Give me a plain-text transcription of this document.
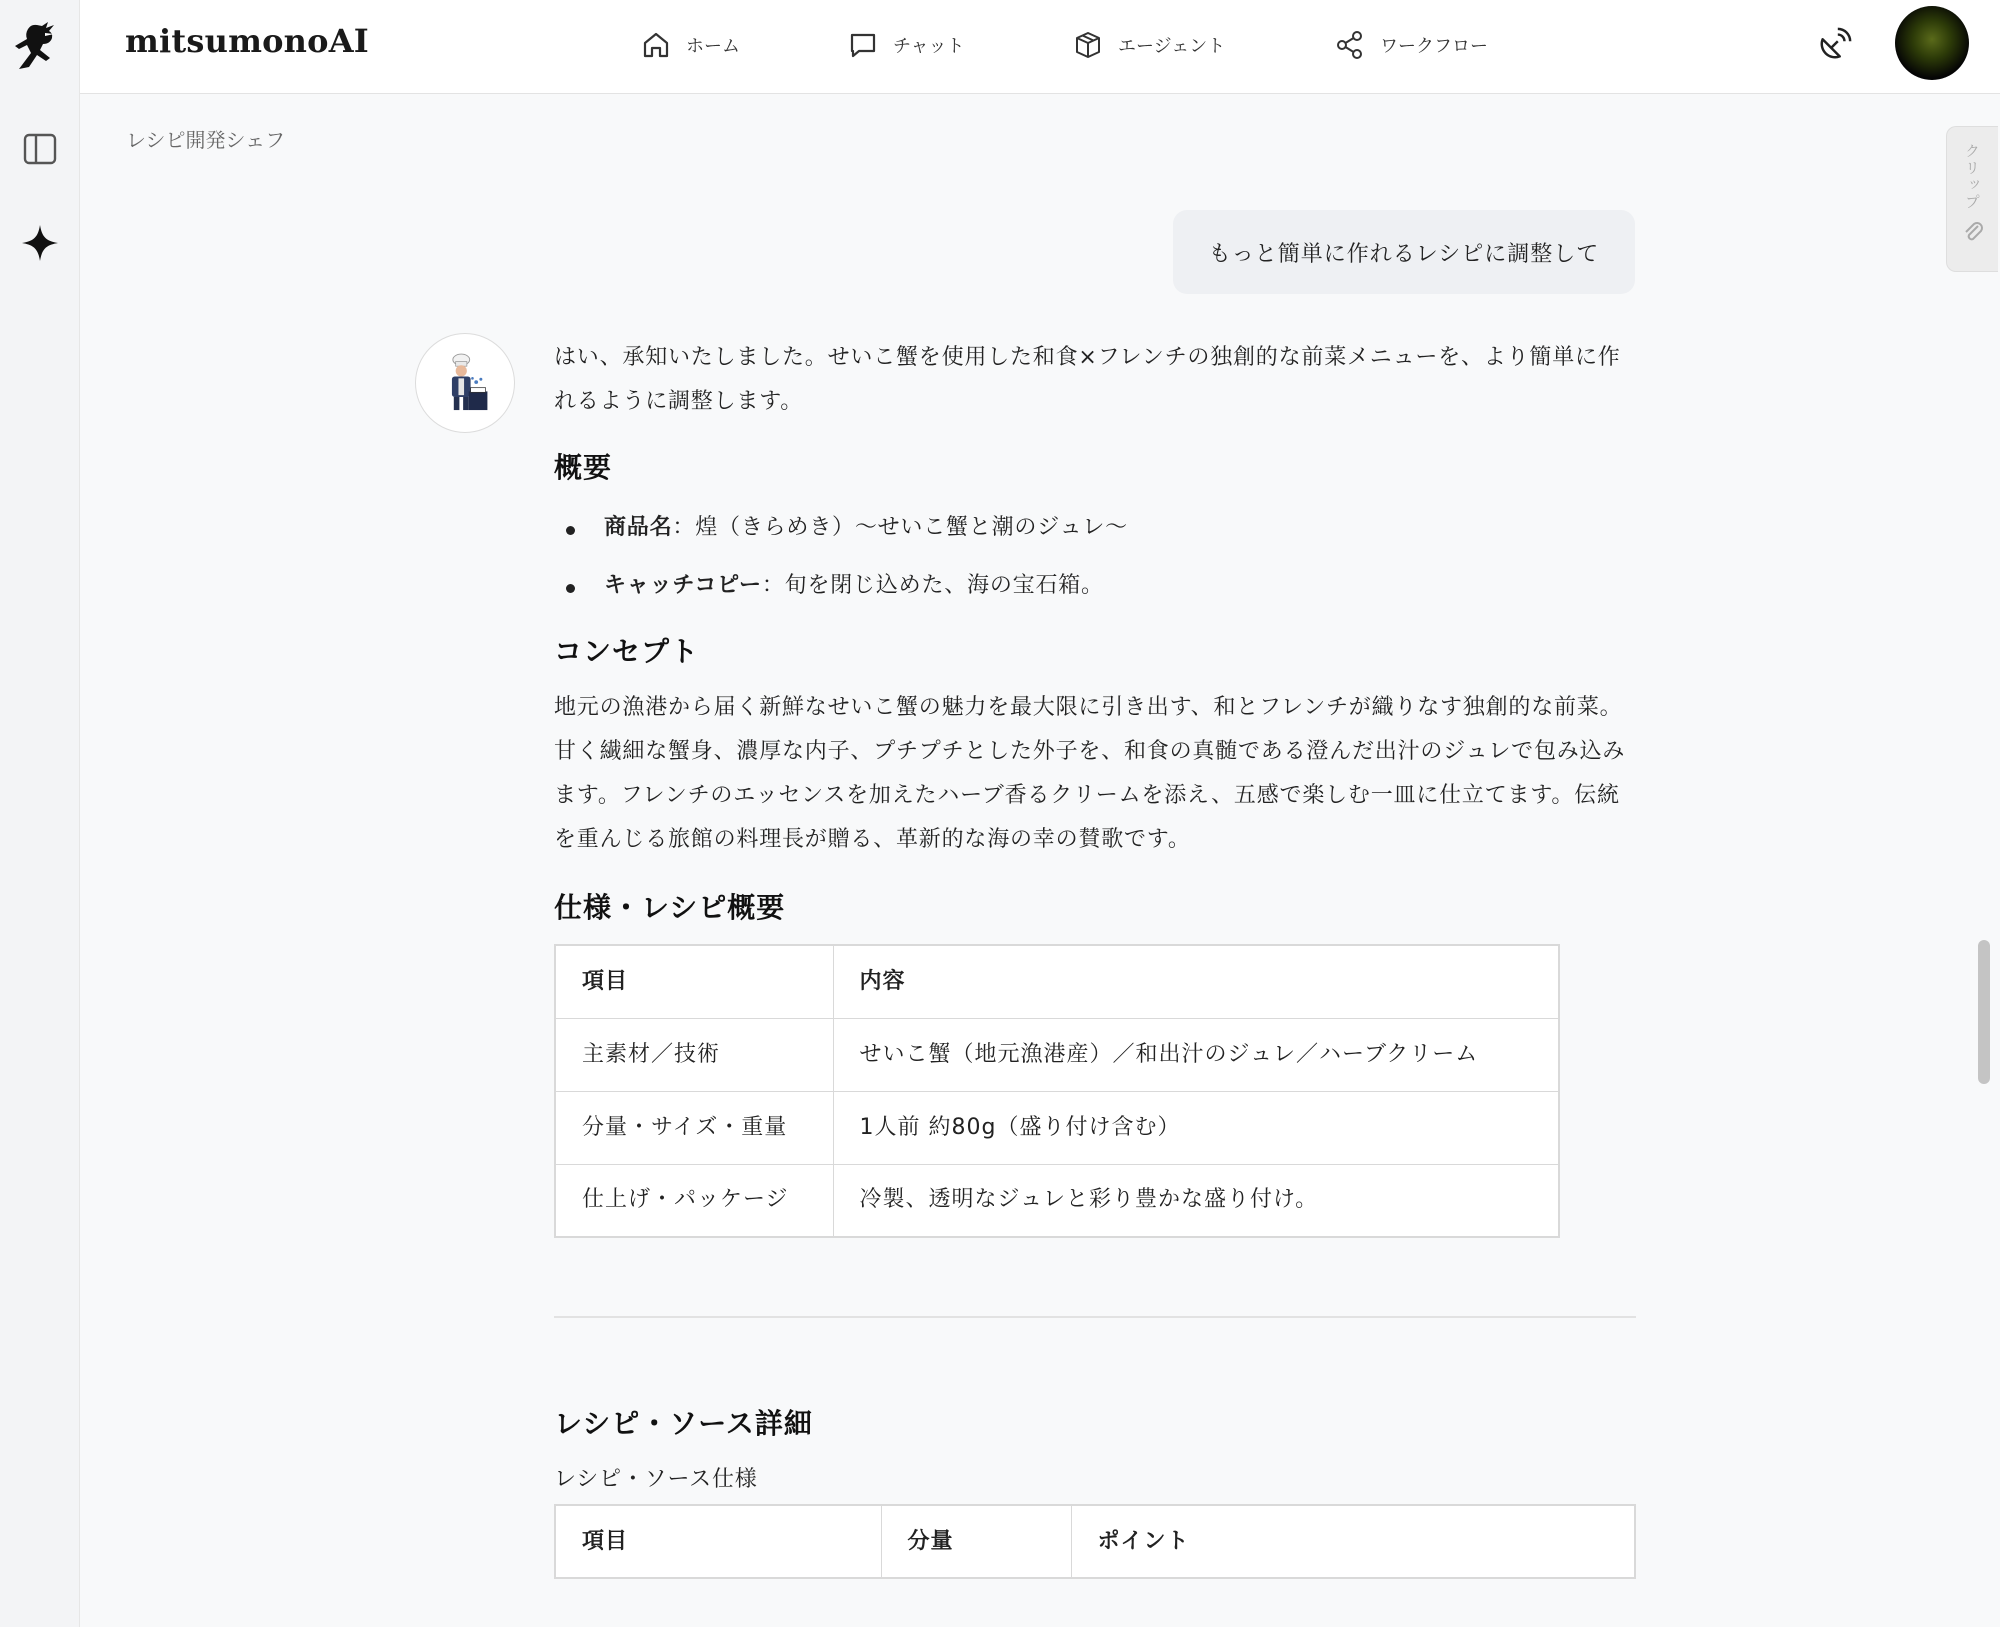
mitsumonoAI	ホーム	チャット	エージェント	ワークフロー
レシピ開発シェフ
クリップ
もっと簡単に作れるレシピに調整して

はい、承知いたしました。せいこ蟹を使用した和食×フレンチの独創的な前菜メニューを、より簡単に作れるように調整します。

概要
商品名：煌（きらめき）〜せいこ蟹と潮のジュレ〜
キャッチコピー：旬を閉じ込めた、海の宝石箱。
コンセプト

地元の漁港から届く新鮮なせいこ蟹の魅力を最大限に引き出す、和とフレンチが織りなす独創的な前菜。甘く繊細な蟹身、濃厚な内子、プチプチとした外子を、和食の真髄である澄んだ出汁のジュレで包み込みます。フレンチのエッセンスを加えたハーブ香るクリームを添え、五感で楽しむ一皿に仕立てます。伝統を重んじる旅館の料理長が贈る、革新的な海の幸の賛歌です。

仕様・レシピ概要
項目	内容
主素材／技術	せいこ蟹（地元漁港産）／和出汁のジュレ／ハーブクリーム
分量・サイズ・重量	1人前 約80g（盛り付け含む）
仕上げ・パッケージ	冷製、透明なジュレと彩り豊かな盛り付け。
レシピ・ソース詳細

レシピ・ソース仕様

項目	分量	ポイント
